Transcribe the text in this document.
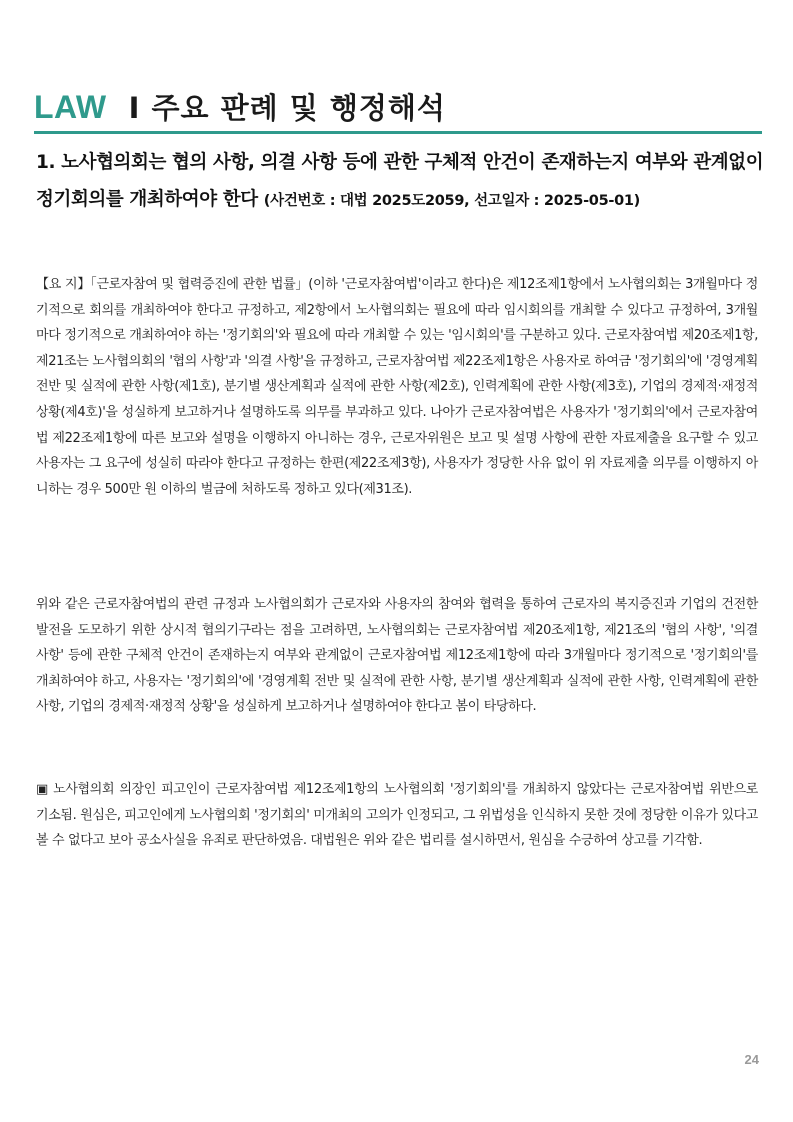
LAW I 주요 판례 및 행정해석
1. 노사협의회는 협의 사항, 의결 사항 등에 관한 구체적 안건이 존재하는지 여부와 관계없이 정기회의를 개최하여야 한다 (사건번호 : 대법 2025도2059, 선고일자 : 2025-05-01)

【요 지】「근로자참여 및 협력증진에 관한 법률」(이하 '근로자참여법'이라고 한다)은 제12조제1항에서 노사협의회는 3개월마다 정기적으로 회의를 개최하여야 한다고 규정하고, 제2항에서 노사협의회는 필요에 따라 임시회의를 개최할 수 있다고 규정하여, 3개월마다 정기적으로 개최하여야 하는 '정기회의'와 필요에 따라 개최할 수 있는 '임시회의'를 구분하고 있다. 근로자참여법 제20조제1항, 제21조는 노사협의회의 '협의 사항'과 '의결 사항'을 규정하고, 근로자참여법 제22조제1항은 사용자로 하여금 '정기회의'에 '경영계획 전반 및 실적에 관한 사항(제1호), 분기별 생산계획과 실적에 관한 사항(제2호), 인력계획에 관한 사항(제3호), 기업의 경제적·재정적 상황(제4호)'을 성실하게 보고하거나 설명하도록 의무를 부과하고 있다. 나아가 근로자참여법은 사용자가 '정기회의'에서 근로자참여법 제22조제1항에 따른 보고와 설명을 이행하지 아니하는 경우, 근로자위원은 보고 및 설명 사항에 관한 자료제출을 요구할 수 있고 사용자는 그 요구에 성실히 따라야 한다고 규정하는 한편(제22조제3항), 사용자가 정당한 사유 없이 위 자료제출 의무를 이행하지 아니하는 경우 500만 원 이하의 벌금에 처하도록 정하고 있다(제31조).

위와 같은 근로자참여법의 관련 규정과 노사협의회가 근로자와 사용자의 참여와 협력을 통하여 근로자의 복지증진과 기업의 건전한 발전을 도모하기 위한 상시적 협의기구라는 점을 고려하면, 노사협의회는 근로자참여법 제20조제1항, 제21조의 '협의 사항', '의결 사항' 등에 관한 구체적 안건이 존재하는지 여부와 관계없이 근로자참여법 제12조제1항에 따라 3개월마다 정기적으로 '정기회의'를 개최하여야 하고, 사용자는 '정기회의'에 '경영계획 전반 및 실적에 관한 사항, 분기별 생산계획과 실적에 관한 사항, 인력계획에 관한 사항, 기업의 경제적·재정적 상황'을 성실하게 보고하거나 설명하여야 한다고 봄이 타당하다.

▣ 노사협의회 의장인 피고인이 근로자참여법 제12조제1항의 노사협의회 '정기회의'를 개최하지 않았다는 근로자참여법 위반으로 기소됨. 원심은, 피고인에게 노사협의회 '정기회의' 미개최의 고의가 인정되고, 그 위법성을 인식하지 못한 것에 정당한 이유가 있다고 볼 수 없다고 보아 공소사실을 유죄로 판단하였음. 대법원은 위와 같은 법리를 설시하면서, 원심을 수긍하여 상고를 기각함.

24
